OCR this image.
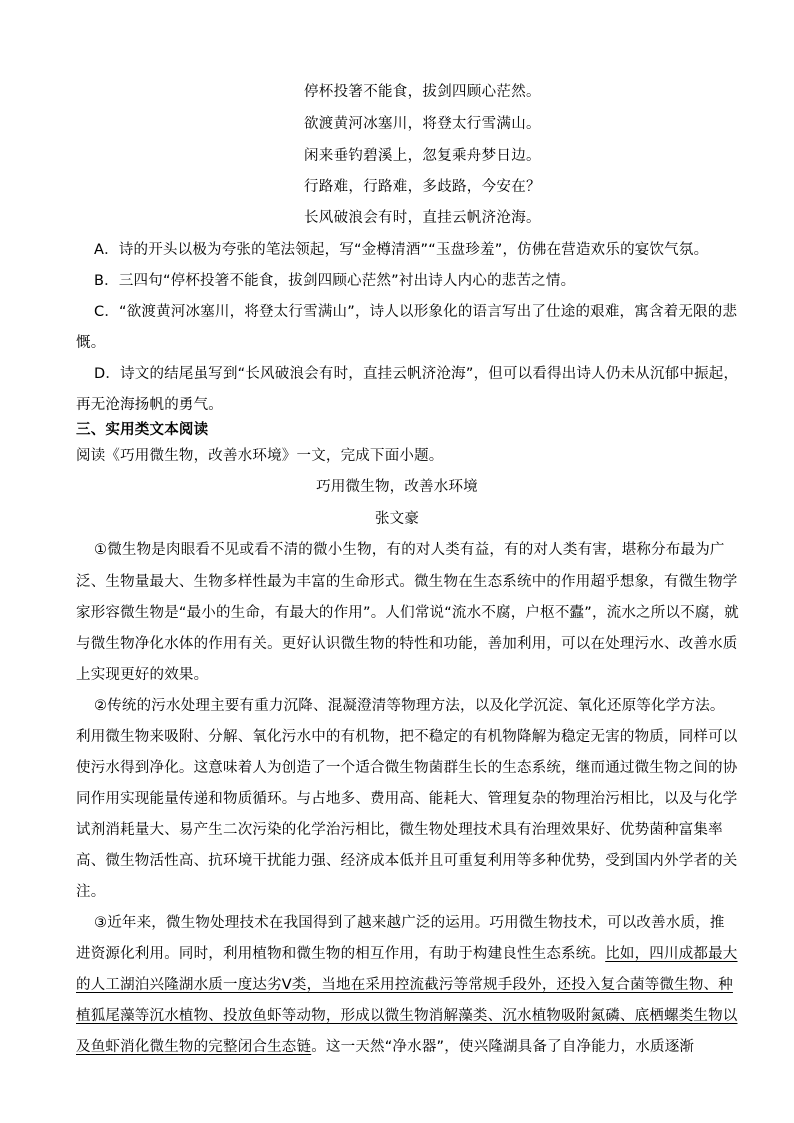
停杯投箸不能食，拔剑四顾心茫然。
欲渡黄河冰塞川，将登太行雪满山。
闲来垂钓碧溪上，忽复乘舟梦日边。
行路难，行路难，多歧路，今安在？
长风破浪会有时，直挂云帆济沧海。
A．诗的开头以极为夸张的笔法领起，写“金樽清酒”“玉盘珍羞”，仿佛在营造欢乐的宴饮气氛。
B．三四句“停杯投箸不能食，拔剑四顾心茫然”衬出诗人内心的悲苦之情。
C．“欲渡黄河冰塞川，将登太行雪满山”，诗人以形象化的语言写出了仕途的艰难，寓含着无限的悲
慨。
D．诗文的结尾虽写到“长风破浪会有时，直挂云帆济沧海”，但可以看得出诗人仍未从沉郁中振起，
再无沧海扬帆的勇气。
三、实用类文本阅读
阅读《巧用微生物，改善水环境》一文，完成下面小题。
巧用微生物，改善水环境
张文豪
①微生物是肉眼看不见或看不清的微小生物，有的对人类有益，有的对人类有害，堪称分布最为广
泛、生物量最大、生物多样性最为丰富的生命形式。微生物在生态系统中的作用超乎想象，有微生物学
家形容微生物是“最小的生命，有最大的作用”。人们常说“流水不腐，户枢不蠹”，流水之所以不腐，就
与微生物净化水体的作用有关。更好认识微生物的特性和功能，善加利用，可以在处理污水、改善水质
上实现更好的效果。
②传统的污水处理主要有重力沉降、混凝澄清等物理方法，以及化学沉淀、氧化还原等化学方法。
利用微生物来吸附、分解、氧化污水中的有机物，把不稳定的有机物降解为稳定无害的物质，同样可以
使污水得到净化。这意味着人为创造了一个适合微生物菌群生长的生态系统，继而通过微生物之间的协
同作用实现能量传递和物质循环。与占地多、费用高、能耗大、管理复杂的物理治污相比，以及与化学
试剂消耗量大、易产生二次污染的化学治污相比，微生物处理技术具有治理效果好、优势菌种富集率
高、微生物活性高、抗环境干扰能力强、经济成本低并且可重复利用等多种优势，受到国内外学者的关
注。
③近年来，微生物处理技术在我国得到了越来越广泛的运用。巧用微生物技术，可以改善水质，推
进资源化利用。同时，利用植物和微生物的相互作用，有助于构建良性生态系统。比如，四川成都最大
的人工湖泊兴隆湖水质一度达劣Ⅴ类，当地在采用控流截污等常规手段外，还投入复合菌等微生物、种
植狐尾藻等沉水植物、投放鱼虾等动物，形成以微生物消解藻类、沉水植物吸附氮磷、底栖螺类生物以
及鱼虾消化微生物的完整闭合生态链。这一天然“净水器”，使兴隆湖具备了自净能力，水质逐渐
